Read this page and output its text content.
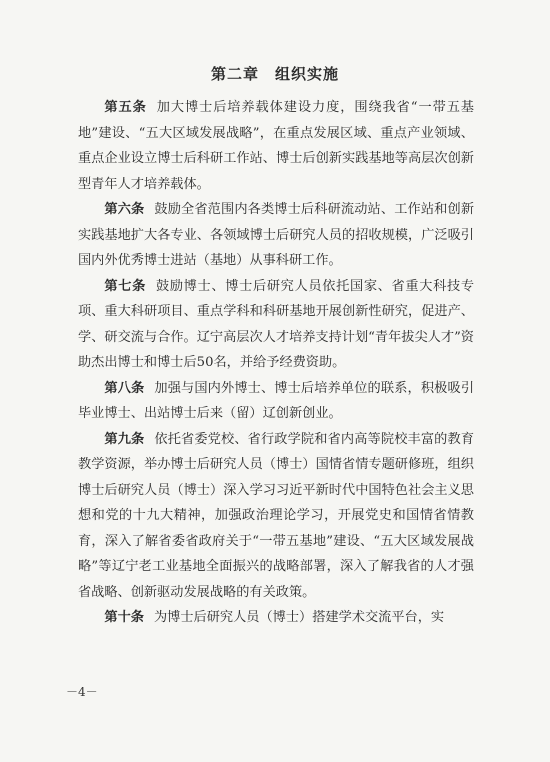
第二章　组织实施

第五条 加大博士后培养载体建设力度，围绕我省“一带五基地”建设、“五大区域发展战略”，在重点发展区域、重点产业领域、重点企业设立博士后科研工作站、博士后创新实践基地等高层次创新型青年人才培养载体。

第六条 鼓励全省范围内各类博士后科研流动站、工作站和创新实践基地扩大各专业、各领域博士后研究人员的招收规模，广泛吸引国内外优秀博士进站（基地）从事科研工作。

第七条 鼓励博士、博士后研究人员依托国家、省重大科技专项、重大科研项目、重点学科和科研基地开展创新性研究，促进产、学、研交流与合作。辽宁高层次人才培养支持计划“青年拔尖人才”资助杰出博士和博士后50名，并给予经费资助。

第八条 加强与国内外博士、博士后培养单位的联系，积极吸引毕业博士、出站博士后来（留）辽创新创业。

第九条 依托省委党校、省行政学院和省内高等院校丰富的教育教学资源，举办博士后研究人员（博士）国情省情专题研修班，组织博士后研究人员（博士）深入学习习近平新时代中国特色社会主义思想和党的十九大精神，加强政治理论学习，开展党史和国情省情教育，深入了解省委省政府关于“一带五基地”建设、“五大区域发展战略”等辽宁老工业基地全面振兴的战略部署，深入了解我省的人才强省战略、创新驱动发展战略的有关政策。

第十条 为博士后研究人员（博士）搭建学术交流平台，实

－4－
